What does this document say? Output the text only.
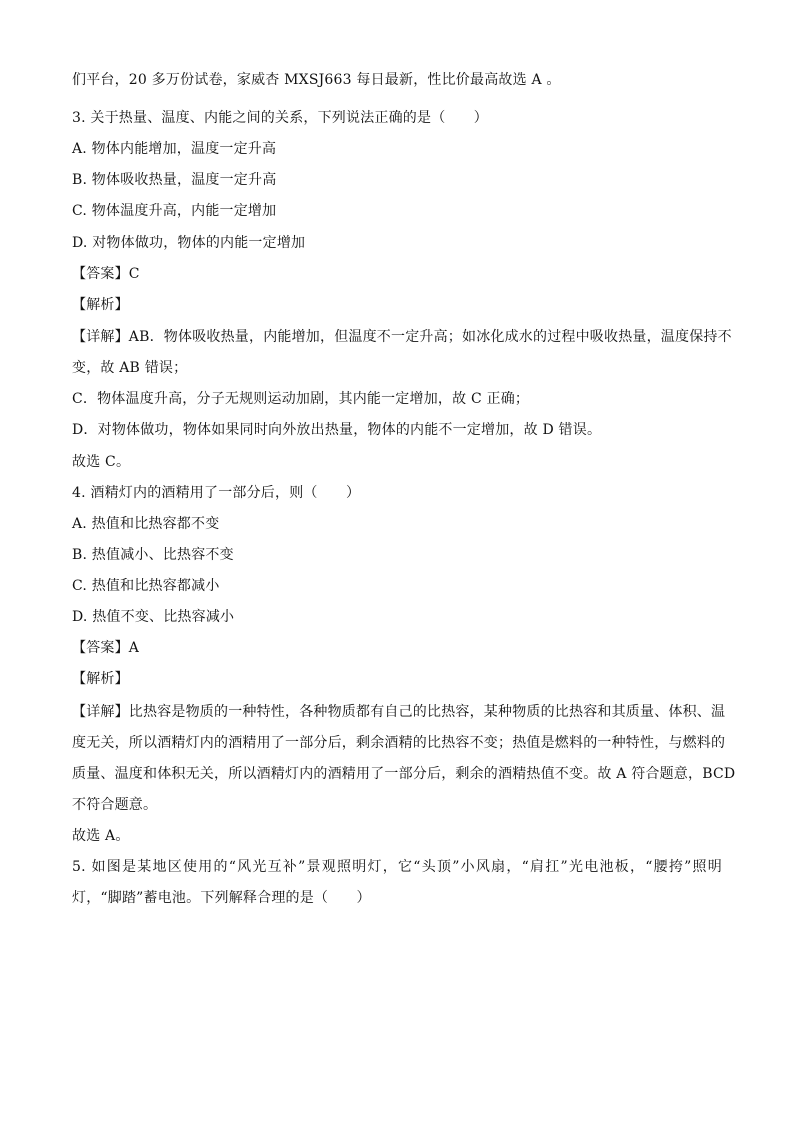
们平台，20 多万份试卷，家威杏 MXSJ663 每日最新，性比价最高故选 A 。
3. 关于热量、温度、内能之间的关系，下列说法正确的是（　　）
A. 物体内能增加，温度一定升高
B. 物体吸收热量，温度一定升高
C. 物体温度升高，内能一定增加
D. 对物体做功，物体的内能一定增加
【答案】C
【解析】
【详解】AB．物体吸收热量，内能增加，但温度不一定升高；如冰化成水的过程中吸收热量，温度保持不
变，故 AB 错误；
C．物体温度升高，分子无规则运动加剧，其内能一定增加，故 C 正确；
D．对物体做功，物体如果同时向外放出热量，物体的内能不一定增加，故 D 错误。
故选 C。
4. 酒精灯内的酒精用了一部分后，则（　　）
A. 热值和比热容都不变
B. 热值减小、比热容不变
C. 热值和比热容都减小
D. 热值不变、比热容减小
【答案】A
【解析】
【详解】比热容是物质的一种特性，各种物质都有自己的比热容，某种物质的比热容和其质量、体积、温
度无关，所以酒精灯内的酒精用了一部分后，剩余酒精的比热容不变；热值是燃料的一种特性，与燃料的
质量、温度和体积无关，所以酒精灯内的酒精用了一部分后，剩余的酒精热值不变。故 A 符合题意，BCD
不符合题意。
故选 A。
5. 如图是某地区使用的“风光互补”景观照明灯，它“头顶”小风扇，“肩扛”光电池板，“腰挎”照明
灯，“脚踏”蓄电池。下列解释合理的是（　　）
